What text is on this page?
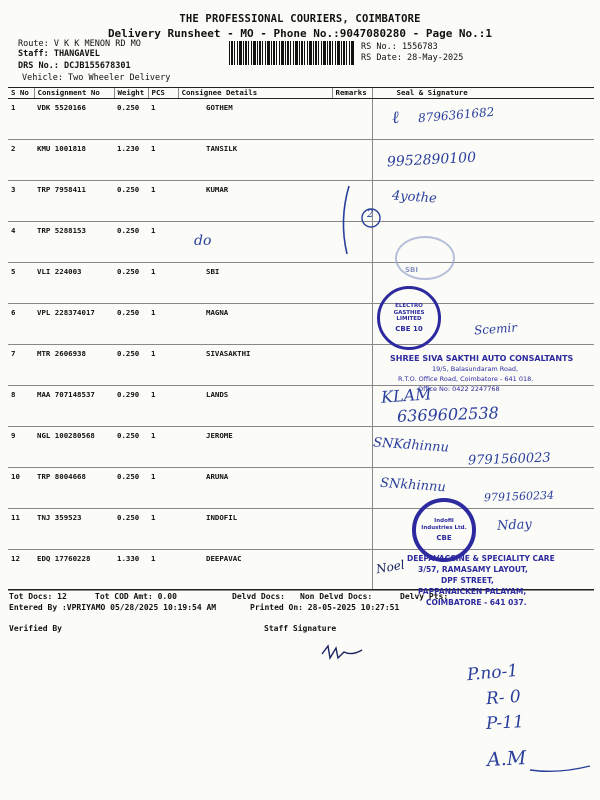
THE PROFESSIONAL COURIERS, COIMBATORE
Delivery Runsheet - MO - Phone No.:9047080280 - Page No.:1
Route: V K K MENON RD MO
Staff: THANGAVEL
DRS No.: DCJB155678301
Vehicle: Two Wheeler Delivery
RS No.: 1556783
RS Date: 28-May-2025
S No	Consignment No	Weight	PCS	Consignee Details	Remarks	Seal & Signature
1	VDK 5520166	0.250	1	GOTHEM		
2	KMU 1001818	1.230	1	TANSILK		
3	TRP 7958411	0.250	1	KUMAR		
4	TRP 5288153	0.250	1			
5	VLI 224003	0.250	1	SBI		
6	VPL 228374017	0.250	1	MAGNA		
7	MTR 2606938	0.250	1	SIVASAKTHI		
8	MAA 707148537	0.290	1	LANDS		
9	NGL 100280568	0.250	1	JEROME		
10	TRP 8004668	0.250	1	ARUNA		
11	TNJ 359523	0.250	1	INDOFIL		
12	EDQ 17760228	1.330	1	DEEPAVAC		
Tot Docs: 12	Tot COD Amt: 0.00	Delvd Docs: Non Delvd Docs:	Delvy Pts:
Entered By :VPRIYAMO 05/28/2025 10:19:54 AM	Printed On: 28-05-2025 10:27:51
Verified By	Staff Signature
ℓ 8796361682
9952890100
4yothe
do
2
SBI
ELECTRO GASTHIES LIMITED
CBE 10	Scemir
SHREE SIVA SAKTHI AUTO CONSALTANTS
19/5, Balasundaram Road,
R.T.O. Office Road, Coimbatore - 641 018.
Office No: 0422 2247768
KLAM
6369602538
SNKdhinnu
9791560023
SNkhinnu
9791560234
Indofil Industries Ltd.
CBE
Nday
Noel DEEPAVACCINE & SPECIALITY CARE
3/57, RAMASAMY LAYOUT,
DPF STREET,
PAPPANAICKEN PALAYAM,
COIMBATORE - 641 037.
P.no-1
R- 0
P-11
A.M
